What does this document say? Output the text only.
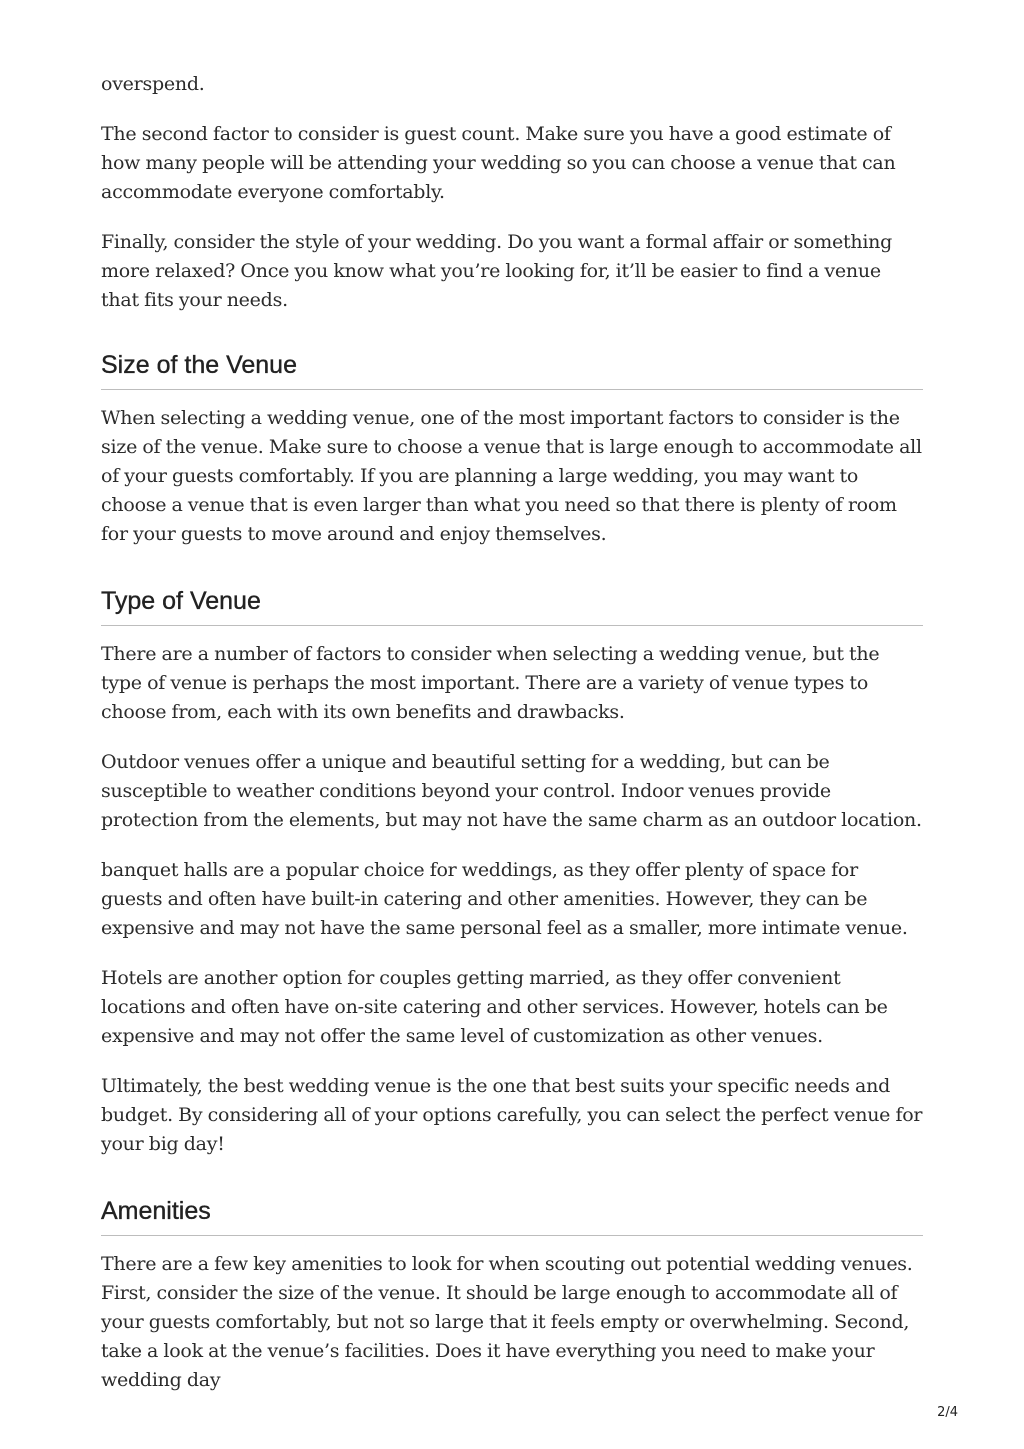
overspend.

The second factor to consider is guest count. Make sure you have a good estimate of how many people will be attending your wedding so you can choose a venue that can accommodate everyone comfortably.

Finally, consider the style of your wedding. Do you want a formal affair or something more relaxed? Once you know what you’re looking for, it’ll be easier to find a venue that fits your needs.

Size of the Venue

When selecting a wedding venue, one of the most important factors to consider is the size of the venue. Make sure to choose a venue that is large enough to accommodate all of your guests comfortably. If you are planning a large wedding, you may want to choose a venue that is even larger than what you need so that there is plenty of room for your guests to move around and enjoy themselves.

Type of Venue

There are a number of factors to consider when selecting a wedding venue, but the type of venue is perhaps the most important. There are a variety of venue types to choose from, each with its own benefits and drawbacks.

Outdoor venues offer a unique and beautiful setting for a wedding, but can be susceptible to weather conditions beyond your control. Indoor venues provide protection from the elements, but may not have the same charm as an outdoor location.

banquet halls are a popular choice for weddings, as they offer plenty of space for guests and often have built-in catering and other amenities. However, they can be expensive and may not have the same personal feel as a smaller, more intimate venue.

Hotels are another option for couples getting married, as they offer convenient locations and often have on-site catering and other services. However, hotels can be expensive and may not offer the same level of customization as other venues.

Ultimately, the best wedding venue is the one that best suits your specific needs and budget. By considering all of your options carefully, you can select the perfect venue for your big day!

Amenities

There are a few key amenities to look for when scouting out potential wedding venues. First, consider the size of the venue. It should be large enough to accommodate all of your guests comfortably, but not so large that it feels empty or overwhelming. Second, take a look at the venue’s facilities. Does it have everything you need to make your wedding day

2/4
